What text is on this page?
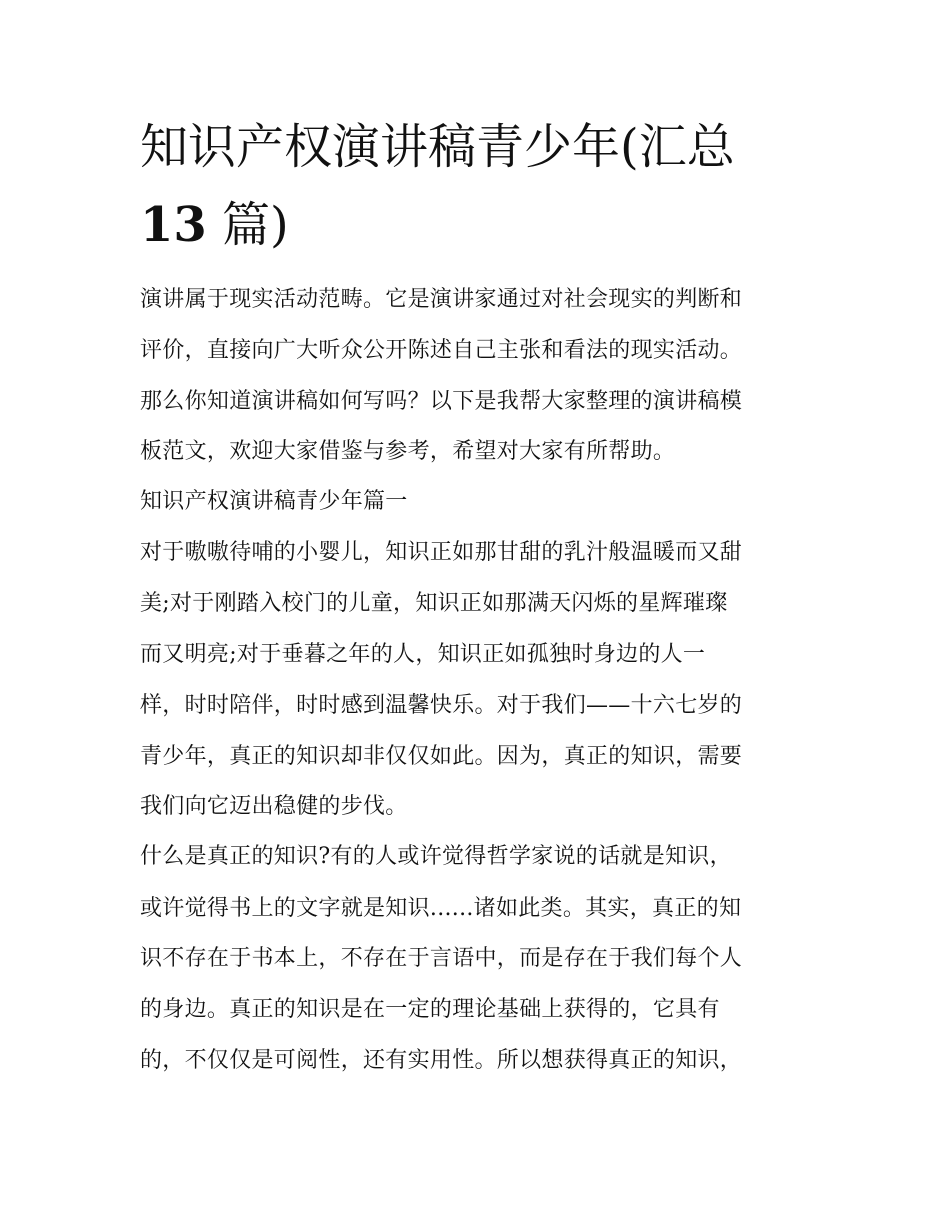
知识产权演讲稿青少年(汇总
13 篇)

演讲属于现实活动范畴。它是演讲家通过对社会现实的判断和

评价，直接向广大听众公开陈述自己主张和看法的现实活动。

那么你知道演讲稿如何写吗？以下是我帮大家整理的演讲稿模

板范文，欢迎大家借鉴与参考，希望对大家有所帮助。

知识产权演讲稿青少年篇一

对于嗷嗷待哺的小婴儿，知识正如那甘甜的乳汁般温暖而又甜

美;对于刚踏入校门的儿童，知识正如那满天闪烁的星辉璀璨

而又明亮;对于垂暮之年的人，知识正如孤独时身边的人一

样，时时陪伴，时时感到温馨快乐。对于我们——十六七岁的

青少年，真正的知识却非仅仅如此。因为，真正的知识，需要

我们向它迈出稳健的步伐。

什么是真正的知识?有的人或许觉得哲学家说的话就是知识，

或许觉得书上的文字就是知识......诸如此类。其实，真正的知

识不存在于书本上，不存在于言语中，而是存在于我们每个人

的身边。真正的知识是在一定的理论基础上获得的，它具有

的，不仅仅是可阅性，还有实用性。所以想获得真正的知识，
